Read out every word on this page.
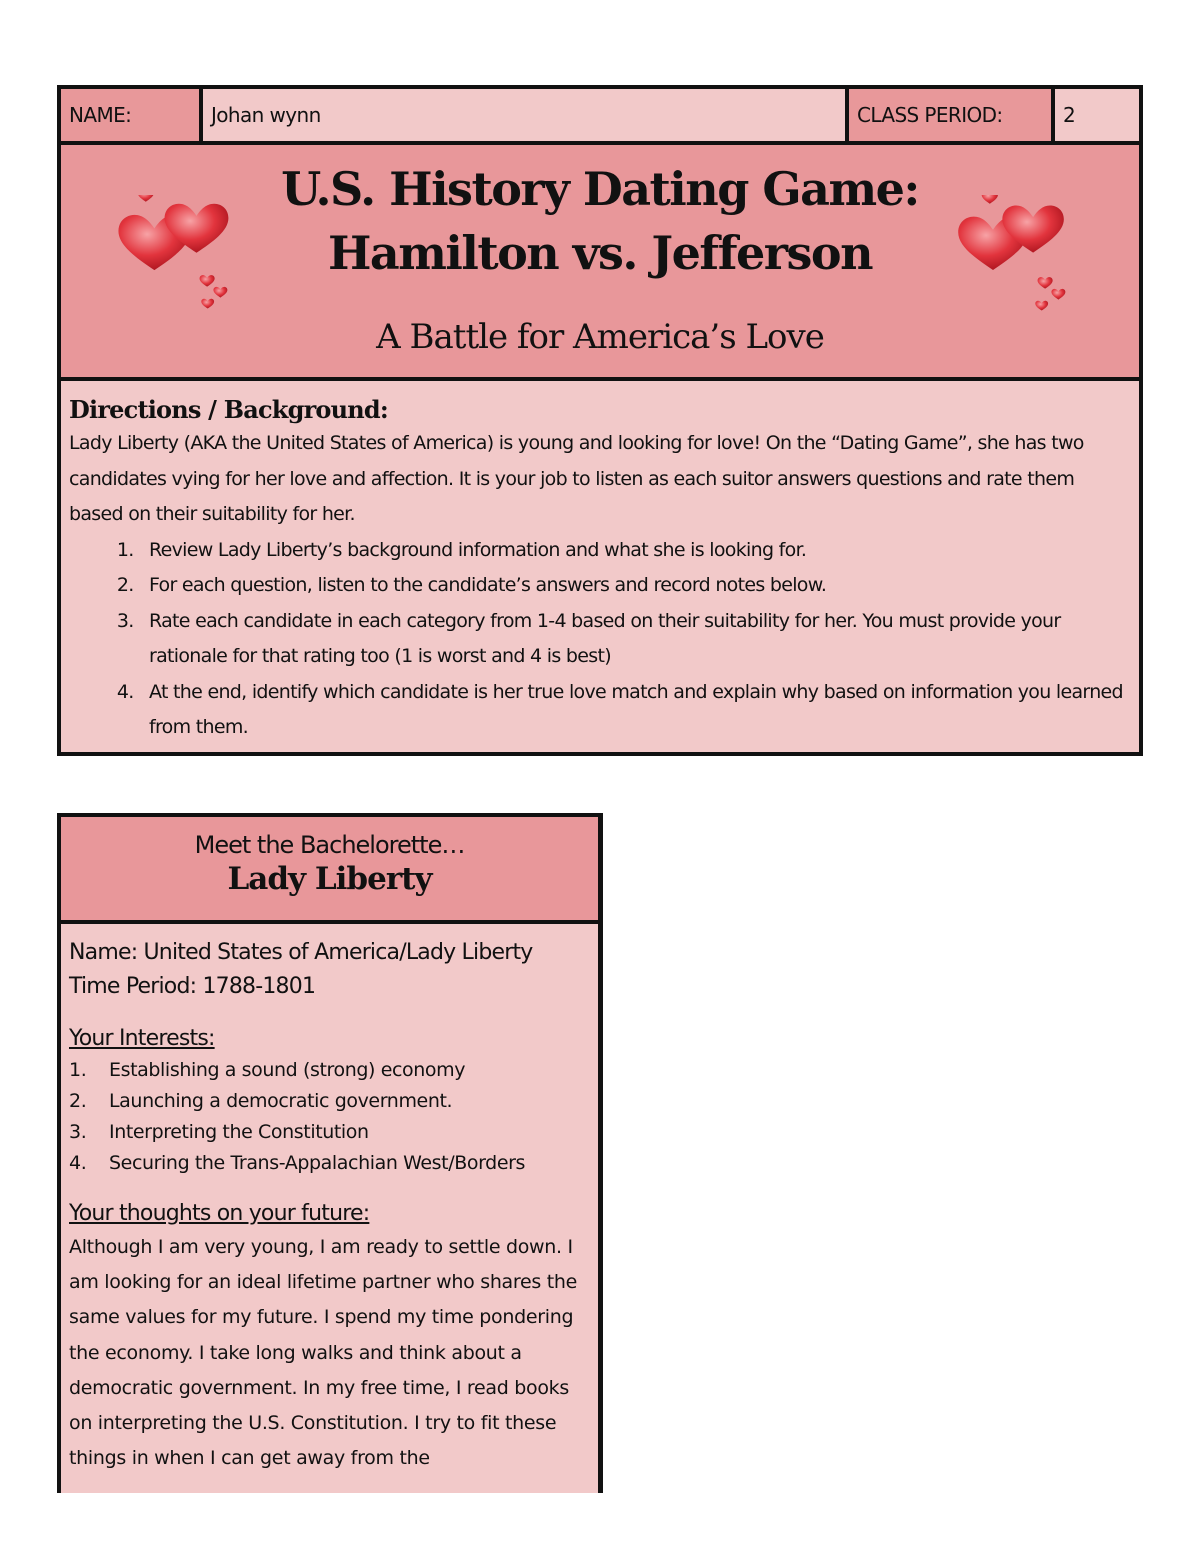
NAME:	Johan wynn	CLASS PERIOD:	2
U.S. History Dating Game:
Hamilton vs. Jefferson
A Battle for America’s Love
Directions / Background:

Lady Liberty (AKA the United States of America) is young and looking for love! On the “Dating Game”, she has two candidates vying for her love and affection. It is your job to listen as each suitor answers questions and rate them based on their suitability for her.

1. Review Lady Liberty’s background information and what she is looking for.
2. For each question, listen to the candidate’s answers and record notes below.
3. Rate each candidate in each category from 1-4 based on their suitability for her. You must provide your rationale for that rating too (1 is worst and 4 is best)
4. At the end, identify which candidate is her true love match and explain why based on information you learned from them.
Meet the Bachelorette…
Lady Liberty

Name: United States of America/Lady Liberty

Time Period: 1788-1801

Your Interests:
1.	Establishing a sound (strong) economy
2.	Launching a democratic government.
3.	Interpreting the Constitution
4.	Securing the Trans-Appalachian West/Borders
Your thoughts on your future:

Although I am very young, I am ready to settle down. I am looking for an ideal lifetime partner who shares the same values for my future. I spend my time pondering the economy. I take long walks and think about a democratic government. In my free time, I read books on interpreting the U.S. Constitution. I try to fit these things in when I can get away from the
